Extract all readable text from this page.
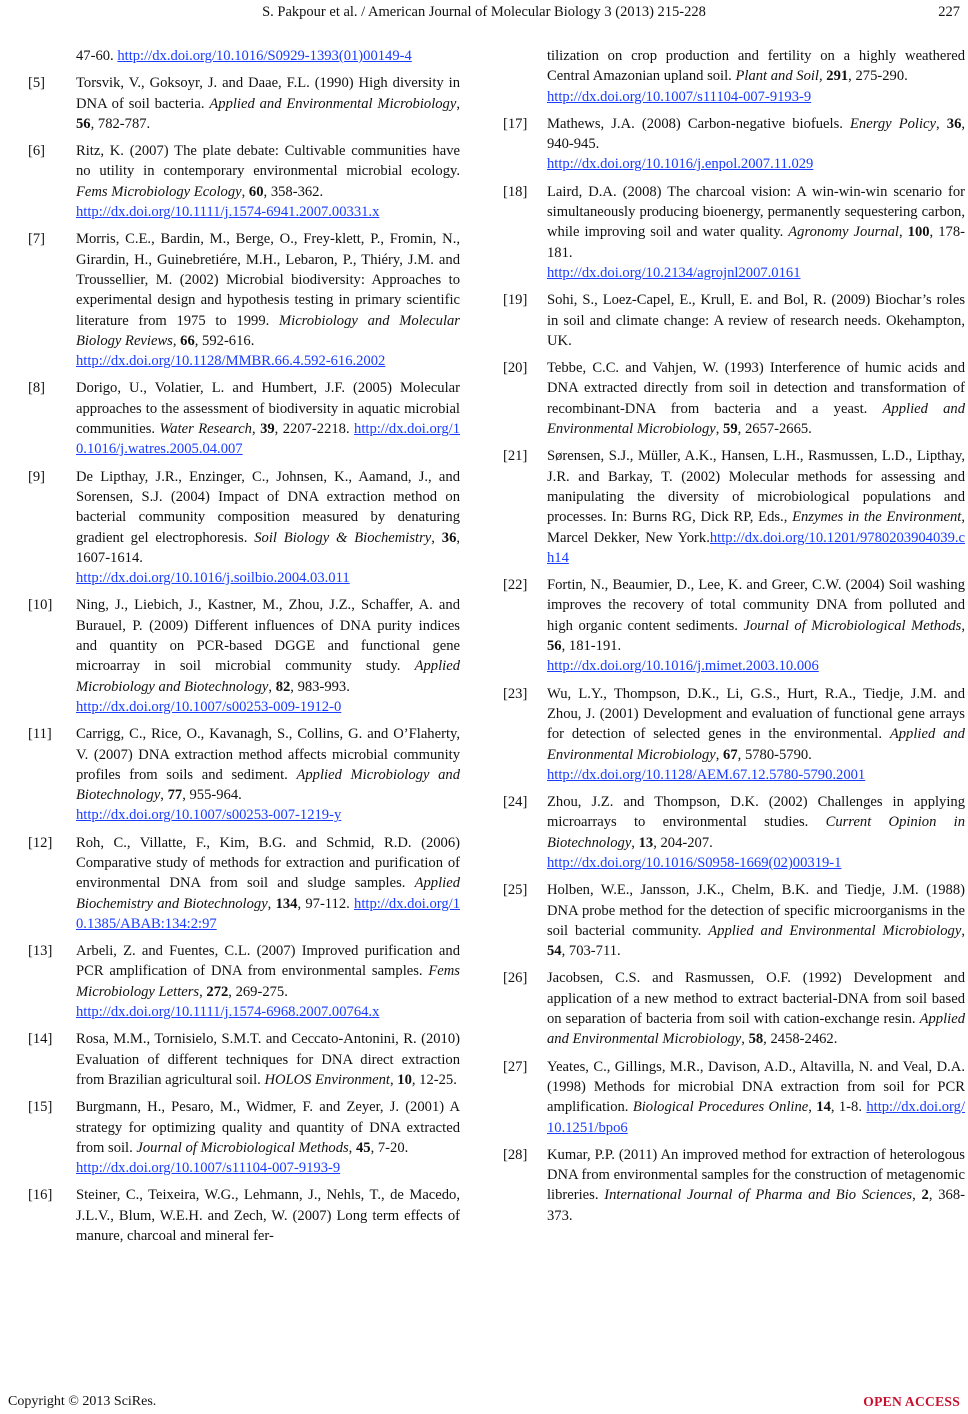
S. Pakpour et al. / American Journal of Molecular Biology 3 (2013) 215-228	227
47-60. http://dx.doi.org/10.1016/S0929-1393(01)00149-4
[5]	Torsvik, V., Goksoyr, J. and Daae, F.L. (1990) High diversity in DNA of soil bacteria. Applied and Environmental Microbiology, 56, 782-787.
[6]	Ritz, K. (2007) The plate debate: Cultivable communities have no utility in contemporary environmental microbial ecology. Fems Microbiology Ecology, 60, 358-362.
http://dx.doi.org/10.1111/j.1574-6941.2007.00331.x
[7]	Morris, C.E., Bardin, M., Berge, O., Frey-klett, P., Fromin, N., Girardin, H., Guinebretiére, M.H., Lebaron, P., Thiéry, J.M. and Troussellier, M. (2002) Microbial biodiversity: Approaches to experimental design and hypothesis testing in primary scientific literature from 1975 to 1999. Microbiology and Molecular Biology Reviews, 66, 592-616.
http://dx.doi.org/10.1128/MMBR.66.4.592-616.2002
[8]	Dorigo, U., Volatier, L. and Humbert, J.F. (2005) Molecular approaches to the assessment of biodiversity in aquatic microbial communities. Water Research, 39, 2207-2218. http://dx.doi.org/10.1016/j.watres.2005.04.007
[9]	De Lipthay, J.R., Enzinger, C., Johnsen, K., Aamand, J., and Sorensen, S.J. (2004) Impact of DNA extraction method on bacterial community composition measured by denaturing gradient gel electrophoresis. Soil Biology & Biochemistry, 36, 1607-1614.
http://dx.doi.org/10.1016/j.soilbio.2004.03.011
[10]	Ning, J., Liebich, J., Kastner, M., Zhou, J.Z., Schaffer, A. and Burauel, P. (2009) Different influences of DNA purity indices and quantity on PCR-based DGGE and functional gene microarray in soil microbial community study. Applied Microbiology and Biotechnology, 82, 983-993.
http://dx.doi.org/10.1007/s00253-009-1912-0
[11]	Carrigg, C., Rice, O., Kavanagh, S., Collins, G. and O’Flaherty, V. (2007) DNA extraction method affects microbial community profiles from soils and sediment. Applied Microbiology and Biotechnology, 77, 955-964.
http://dx.doi.org/10.1007/s00253-007-1219-y
[12]	Roh, C., Villatte, F., Kim, B.G. and Schmid, R.D. (2006) Comparative study of methods for extraction and purification of environmental DNA from soil and sludge samples. Applied Biochemistry and Biotechnology, 134, 97-112. http://dx.doi.org/10.1385/ABAB:134:2:97
[13]	Arbeli, Z. and Fuentes, C.L. (2007) Improved purification and PCR amplification of DNA from environmental samples. Fems Microbiology Letters, 272, 269-275.
http://dx.doi.org/10.1111/j.1574-6968.2007.00764.x
[14]	Rosa, M.M., Tornisielo, S.M.T. and Ceccato-Antonini, R. (2010) Evaluation of different techniques for DNA direct extraction from Brazilian agricultural soil. HOLOS Environment, 10, 12-25.
[15]	Burgmann, H., Pesaro, M., Widmer, F. and Zeyer, J. (2001) A strategy for optimizing quality and quantity of DNA extracted from soil. Journal of Microbiological Methods, 45, 7-20.
http://dx.doi.org/10.1007/s11104-007-9193-9
[16]	Steiner, C., Teixeira, W.G., Lehmann, J., Nehls, T., de Macedo, J.L.V., Blum, W.E.H. and Zech, W. (2007) Long term effects of manure, charcoal and mineral fer-
tilization on crop production and fertility on a highly weathered Central Amazonian upland soil. Plant and Soil, 291, 275-290.
http://dx.doi.org/10.1007/s11104-007-9193-9
[17]	Mathews, J.A. (2008) Carbon-negative biofuels. Energy Policy, 36, 940-945.
http://dx.doi.org/10.1016/j.enpol.2007.11.029
[18]	Laird, D.A. (2008) The charcoal vision: A win-win-win scenario for simultaneously producing bioenergy, permanently sequestering carbon, while improving soil and water quality. Agronomy Journal, 100, 178-181.
http://dx.doi.org/10.2134/agrojnl2007.0161
[19]	Sohi, S., Loez-Capel, E., Krull, E. and Bol, R. (2009) Biochar’s roles in soil and climate change: A review of research needs. Okehampton, UK.
[20]	Tebbe, C.C. and Vahjen, W. (1993) Interference of humic acids and DNA extracted directly from soil in detection and transformation of recombinant-DNA from bacteria and a yeast. Applied and Environmental Microbiology, 59, 2657-2665.
[21]	Sørensen, S.J., Müller, A.K., Hansen, L.H., Rasmussen, L.D., Lipthay, J.R. and Barkay, T. (2002) Molecular methods for assessing and manipulating the diversity of microbiological populations and processes. In: Burns RG, Dick RP, Eds., Enzymes in the Environment, Marcel Dekker, New York.http://dx.doi.org/10.1201/9780203904039.ch14
[22]	Fortin, N., Beaumier, D., Lee, K. and Greer, C.W. (2004) Soil washing improves the recovery of total community DNA from polluted and high organic content sediments. Journal of Microbiological Methods, 56, 181-191.
http://dx.doi.org/10.1016/j.mimet.2003.10.006
[23]	Wu, L.Y., Thompson, D.K., Li, G.S., Hurt, R.A., Tiedje, J.M. and Zhou, J. (2001) Development and evaluation of functional gene arrays for detection of selected genes in the environmental. Applied and Environmental Microbiology, 67, 5780-5790.
http://dx.doi.org/10.1128/AEM.67.12.5780-5790.2001
[24]	Zhou, J.Z. and Thompson, D.K. (2002) Challenges in applying microarrays to environmental studies. Current Opinion in Biotechnology, 13, 204-207.
http://dx.doi.org/10.1016/S0958-1669(02)00319-1
[25]	Holben, W.E., Jansson, J.K., Chelm, B.K. and Tiedje, J.M. (1988) DNA probe method for the detection of specific microorganisms in the soil bacterial community. Applied and Environmental Microbiology, 54, 703-711.
[26]	Jacobsen, C.S. and Rasmussen, O.F. (1992) Development and application of a new method to extract bacterial-DNA from soil based on separation of bacteria from soil with cation-exchange resin. Applied and Environmental Microbiology, 58, 2458-2462.
[27]	Yeates, C., Gillings, M.R., Davison, A.D., Altavilla, N. and Veal, D.A. (1998) Methods for microbial DNA extraction from soil for PCR amplification. Biological Procedures Online, 14, 1-8. http://dx.doi.org/10.1251/bpo6
[28]	Kumar, P.P. (2011) An improved method for extraction of heterologous DNA from environmental samples for the construction of metagenomic libreries. International Journal of Pharma and Bio Sciences, 2, 368-373.
Copyright © 2013 SciRes.	OPEN ACCESS
